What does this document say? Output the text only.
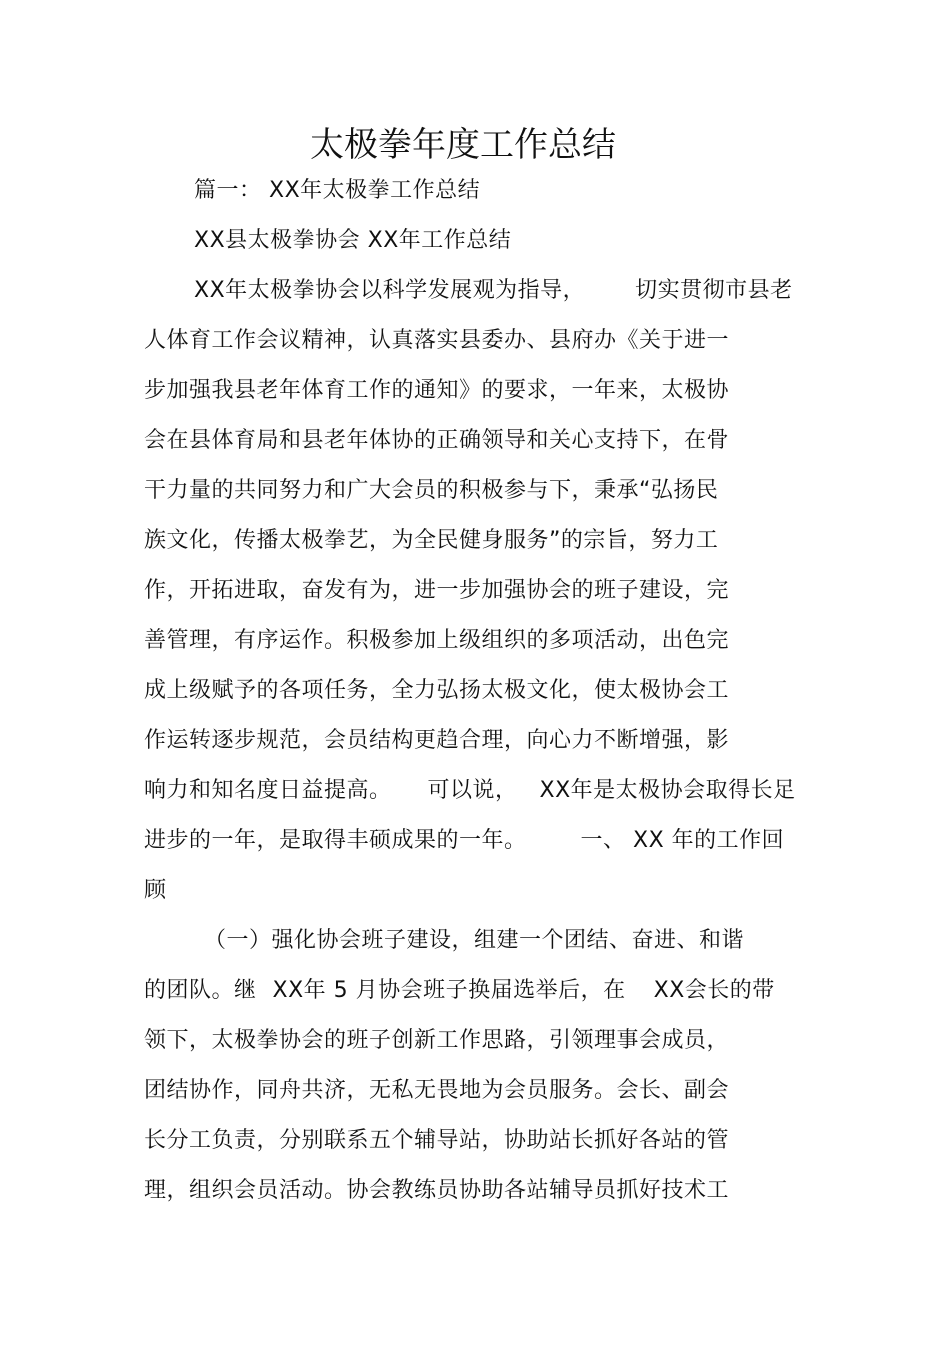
太极拳年度工作总结
篇一： XX年太极拳工作总结
XX县太极拳协会 XX年工作总结
XX年太极拳协会以科学发展观为指导， 切实贯彻市县老
人体育工作会议精神，认真落实县委办、县府办《关于进一
步加强我县老年体育工作的通知》的要求，一年来，太极协
会在县体育局和县老年体协的正确领导和关心支持下，在骨
干力量的共同努力和广大会员的积极参与下，秉承“弘扬民
族文化，传播太极拳艺，为全民健身服务”的宗旨，努力工
作，开拓进取，奋发有为，进一步加强协会的班子建设，完
善管理，有序运作。积极参加上级组织的多项活动，出色完
成上级赋予的各项任务，全力弘扬太极文化，使太极协会工
作运转逐步规范，会员结构更趋合理，向心力不断增强，影
响力和知名度日益提高。 可以说， XX年是太极协会取得长足
进步的一年，是取得丰硕成果的一年。 一、 XX 年的工作回
顾
（一）强化协会班子建设，组建一个团结、奋进、和谐
的团队。继 XX年 5 月协会班子换届选举后，在 XX会长的带
领下，太极拳协会的班子创新工作思路，引领理事会成员，
团结协作，同舟共济，无私无畏地为会员服务。会长、副会
长分工负责，分别联系五个辅导站，协助站长抓好各站的管
理，组织会员活动。协会教练员协助各站辅导员抓好技术工
